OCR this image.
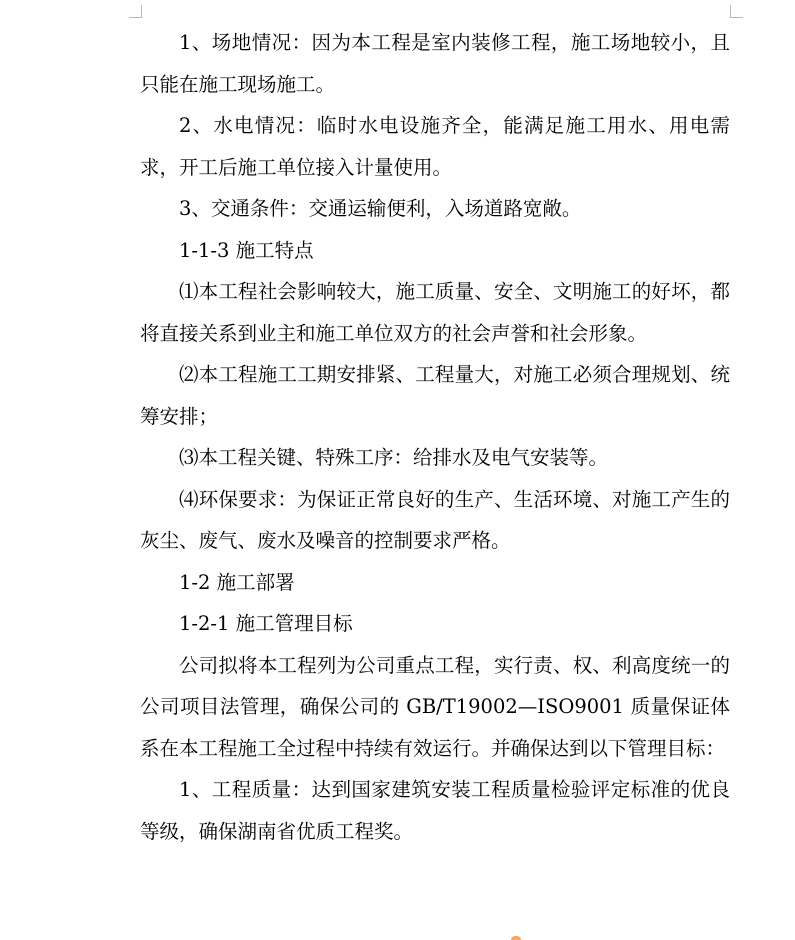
1、场地情况：因为本工程是室内装修工程，施工场地较小，且只能在施工现场施工。

2、水电情况：临时水电设施齐全，能满足施工用水、用电需求，开工后施工单位接入计量使用。

3、交通条件：交通运输便利，入场道路宽敞。

1-1-3 施工特点

⑴本工程社会影响较大，施工质量、安全、文明施工的好坏，都将直接关系到业主和施工单位双方的社会声誉和社会形象。

⑵本工程施工工期安排紧、工程量大，对施工必须合理规划、统筹安排；

⑶本工程关键、特殊工序：给排水及电气安装等。

⑷环保要求：为保证正常良好的生产、生活环境、对施工产生的灰尘、废气、废水及噪音的控制要求严格。

1-2 施工部署

1-2-1 施工管理目标

公司拟将本工程列为公司重点工程，实行责、权、利高度统一的公司项目法管理，确保公司的 GB/T19002—ISO9001 质量保证体系在本工程施工全过程中持续有效运行。并确保达到以下管理目标：

1、工程质量：达到国家建筑安装工程质量检验评定标准的优良等级，确保湖南省优质工程奖。
